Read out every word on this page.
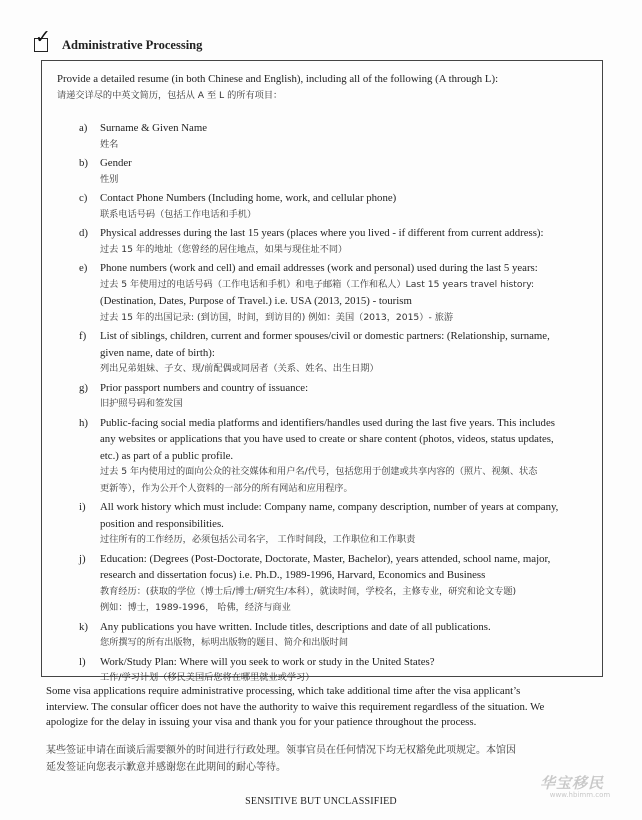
✓ Administrative Processing
Provide a detailed resume (in both Chinese and English), including all of the following (A through L):
请递交详尽的中英文简历，包括从 A 至 L 的所有项目：
a) Surname & Given Name
姓名
b) Gender
性别
c) Contact Phone Numbers (Including home, work, and cellular phone)
联系电话号码（包括工作电话和手机）
d) Physical addresses during the last 15 years (places where you lived - if different from current address):
过去 15 年的地址（您曾经的居住地点，如果与现住址不同）
e) Phone numbers (work and cell) and email addresses (work and personal) used during the last 5 years:
过去 5 年使用过的电话号码（工作电话和手机）和电子邮箱（工作和私人）Last 15 years travel history:
(Destination, Dates, Purpose of Travel.) i.e. USA (2013, 2015) - tourism
过去 15 年的出国记录: (到访国，时间，到访目的) 例如：美国（2013，2015）- 旅游
f) List of siblings, children, current and former spouses/civil or domestic partners: (Relationship, surname,
given name, date of birth):
列出兄弟姐妹、子女、现/前配偶或同居者（关系、姓名、出生日期）
g) Prior passport numbers and country of issuance:
旧护照号码和签发国
h) Public-facing social media platforms and identifiers/handles used during the last five years. This includes
any websites or applications that you have used to create or share content (photos, videos, status updates,
etc.) as part of a public profile.
过去 5 年内使用过的面向公众的社交媒体和用户名/代号，包括您用于创建或共享内容的（照片、视频、状态
更新等），作为公开个人资料的一部分的所有网站和应用程序。
i) All work history which must include: Company name, company description, number of years at company,
position and responsibilities.
过往所有的工作经历，必须包括公司名字， 工作时间段，工作职位和工作职责
j) Education: (Degrees (Post-Doctorate, Doctorate, Master, Bachelor), years attended, school name, major,
research and dissertation focus) i.e. Ph.D., 1989-1996, Harvard, Economics and Business
教育经历：(获取的学位（博士后/博士/研究生/本科），就读时间，学校名，主修专业，研究和论文专题)
例如：博士，1989-1996， 哈佛，经济与商业
k) Any publications you have written. Include titles, descriptions and date of all publications.
您所撰写的所有出版物，标明出版物的题目、简介和出版时间
l) Work/Study Plan: Where will you seek to work or study in the United States?
工作/学习计划（移民美国后您将在哪里就业或学习）
Some visa applications require administrative processing, which take additional time after the visa applicant’s
interview. The consular officer does not have the authority to waive this requirement regardless of the situation. We
apologize for the delay in issuing your visa and thank you for your patience throughout the process.
某些签证申请在面谈后需要额外的时间进行行政处理。领事官员在任何情况下均无权豁免此项规定。本馆因
延发签证向您表示歉意并感谢您在此期间的耐心等待。
SENSITIVE BUT UNCLASSIFIED
华宝移民
www.hbimm.com
